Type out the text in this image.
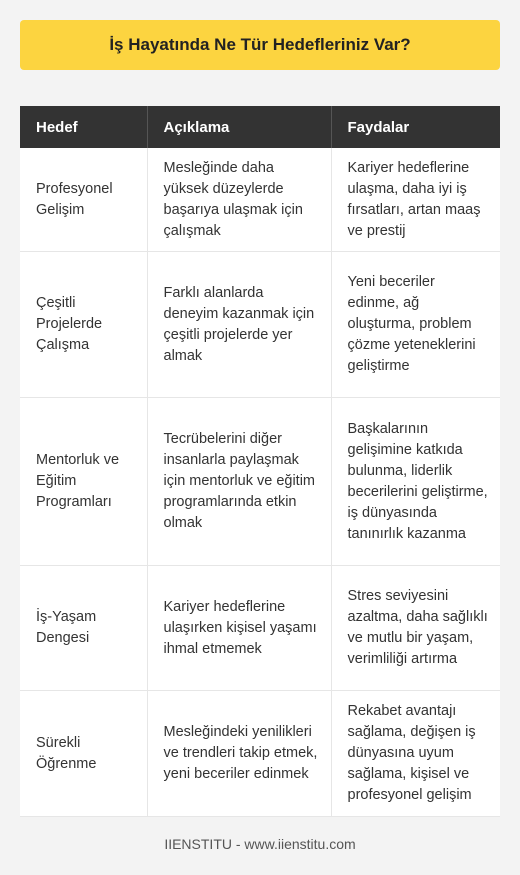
İş Hayatında Ne Tür Hedefleriniz Var?
Hedef	Açıklama	Faydalar
Profesyonel Gelişim	Mesleğinde daha yüksek düzeylerde başarıya ulaşmak için çalışmak	Kariyer hedeflerine ulaşma, daha iyi iş fırsatları, artan maaş ve prestij
Çeşitli Projelerde Çalışma	Farklı alanlarda deneyim kazanmak için çeşitli projelerde yer almak	Yeni beceriler edinme, ağ oluşturma, problem çözme yeteneklerini geliştirme
Mentorluk ve Eğitim Programları	Tecrübelerini diğer insanlarla paylaşmak için mentorluk ve eğitim programlarında etkin olmak	Başkalarının gelişimine katkıda bulunma, liderlik becerilerini geliştirme, iş dünyasında tanınırlık kazanma
İş-Yaşam Dengesi	Kariyer hedeflerine ulaşırken kişisel yaşamı ihmal etmemek	Stres seviyesini azaltma, daha sağlıklı ve mutlu bir yaşam, verimliliği artırma
Sürekli Öğrenme	Mesleğindeki yenilikleri ve trendleri takip etmek, yeni beceriler edinmek	Rekabet avantajı sağlama, değişen iş dünyasına uyum sağlama, kişisel ve profesyonel gelişim
IIENSTITU - www.iienstitu.com
